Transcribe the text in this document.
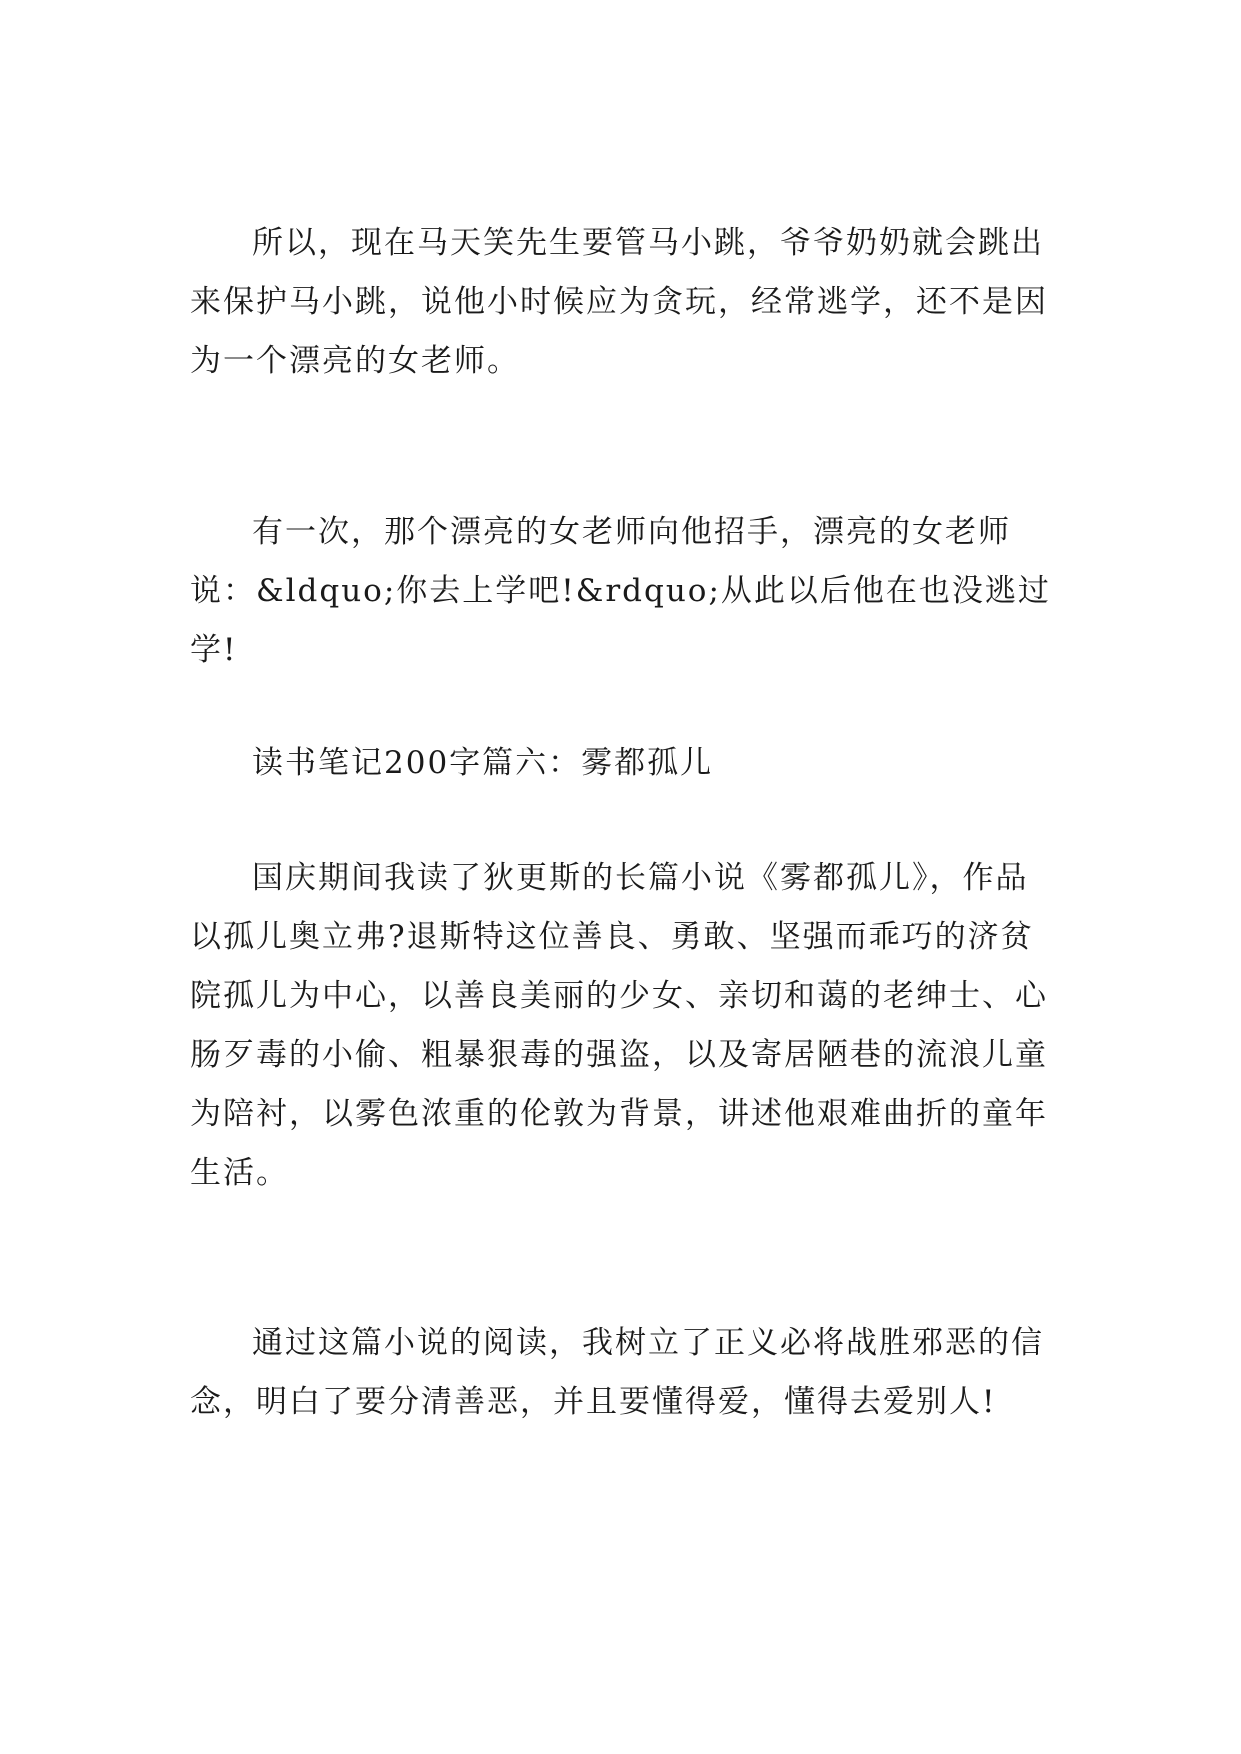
所以，现在马天笑先生要管马小跳，爷爷奶奶就会跳出来保护马小跳，说他小时候应为贪玩，经常逃学，还不是因为一个漂亮的女老师。

有一次，那个漂亮的女老师向他招手，漂亮的女老师说：&ldquo;你去上学吧!&rdquo;从此以后他在也没逃过学!

读书笔记200字篇六：雾都孤儿

国庆期间我读了狄更斯的长篇小说《雾都孤儿》，作品以孤儿奥立弗?退斯特这位善良、勇敢、坚强而乖巧的济贫院孤儿为中心，以善良美丽的少女、亲切和蔼的老绅士、心肠歹毒的小偷、粗暴狠毒的强盗，以及寄居陋巷的流浪儿童为陪衬，以雾色浓重的伦敦为背景，讲述他艰难曲折的童年生活。

通过这篇小说的阅读，我树立了正义必将战胜邪恶的信念，明白了要分清善恶，并且要懂得爱，懂得去爱别人!
